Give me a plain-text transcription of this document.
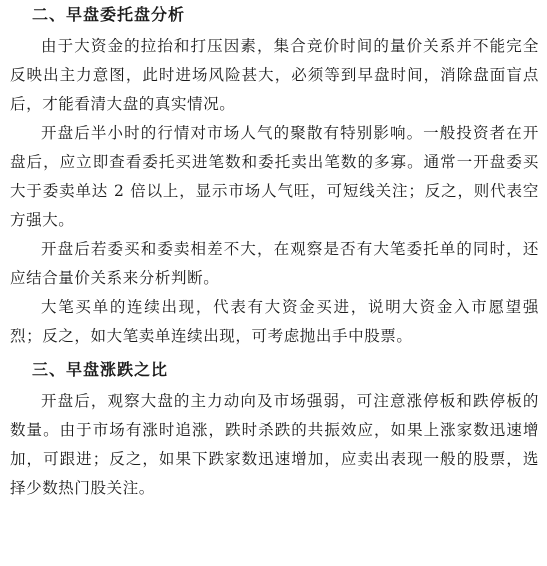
二、早盘委托盘分析

由于大资金的拉抬和打压因素，集合竞价时间的量价关系并不能完全反映出主力意图，此时进场风险甚大，必须等到早盘时间，消除盘面盲点后，才能看清大盘的真实情况。

开盘后半小时的行情对市场人气的聚散有特别影响。一般投资者在开盘后，应立即查看委托买进笔数和委托卖出笔数的多寡。通常一开盘委买大于委卖单达 2 倍以上，显示市场人气旺，可短线关注；反之，则代表空方强大。

开盘后若委买和委卖相差不大，在观察是否有大笔委托单的同时，还应结合量价关系来分析判断。

大笔买单的连续出现，代表有大资金买进，说明大资金入市愿望强烈；反之，如大笔卖单连续出现，可考虑抛出手中股票。

三、早盘涨跌之比

开盘后，观察大盘的主力动向及市场强弱，可注意涨停板和跌停板的数量。由于市场有涨时追涨，跌时杀跌的共振效应，如果上涨家数迅速增加，可跟进；反之，如果下跌家数迅速增加，应卖出表现一般的股票，选择少数热门股关注。
